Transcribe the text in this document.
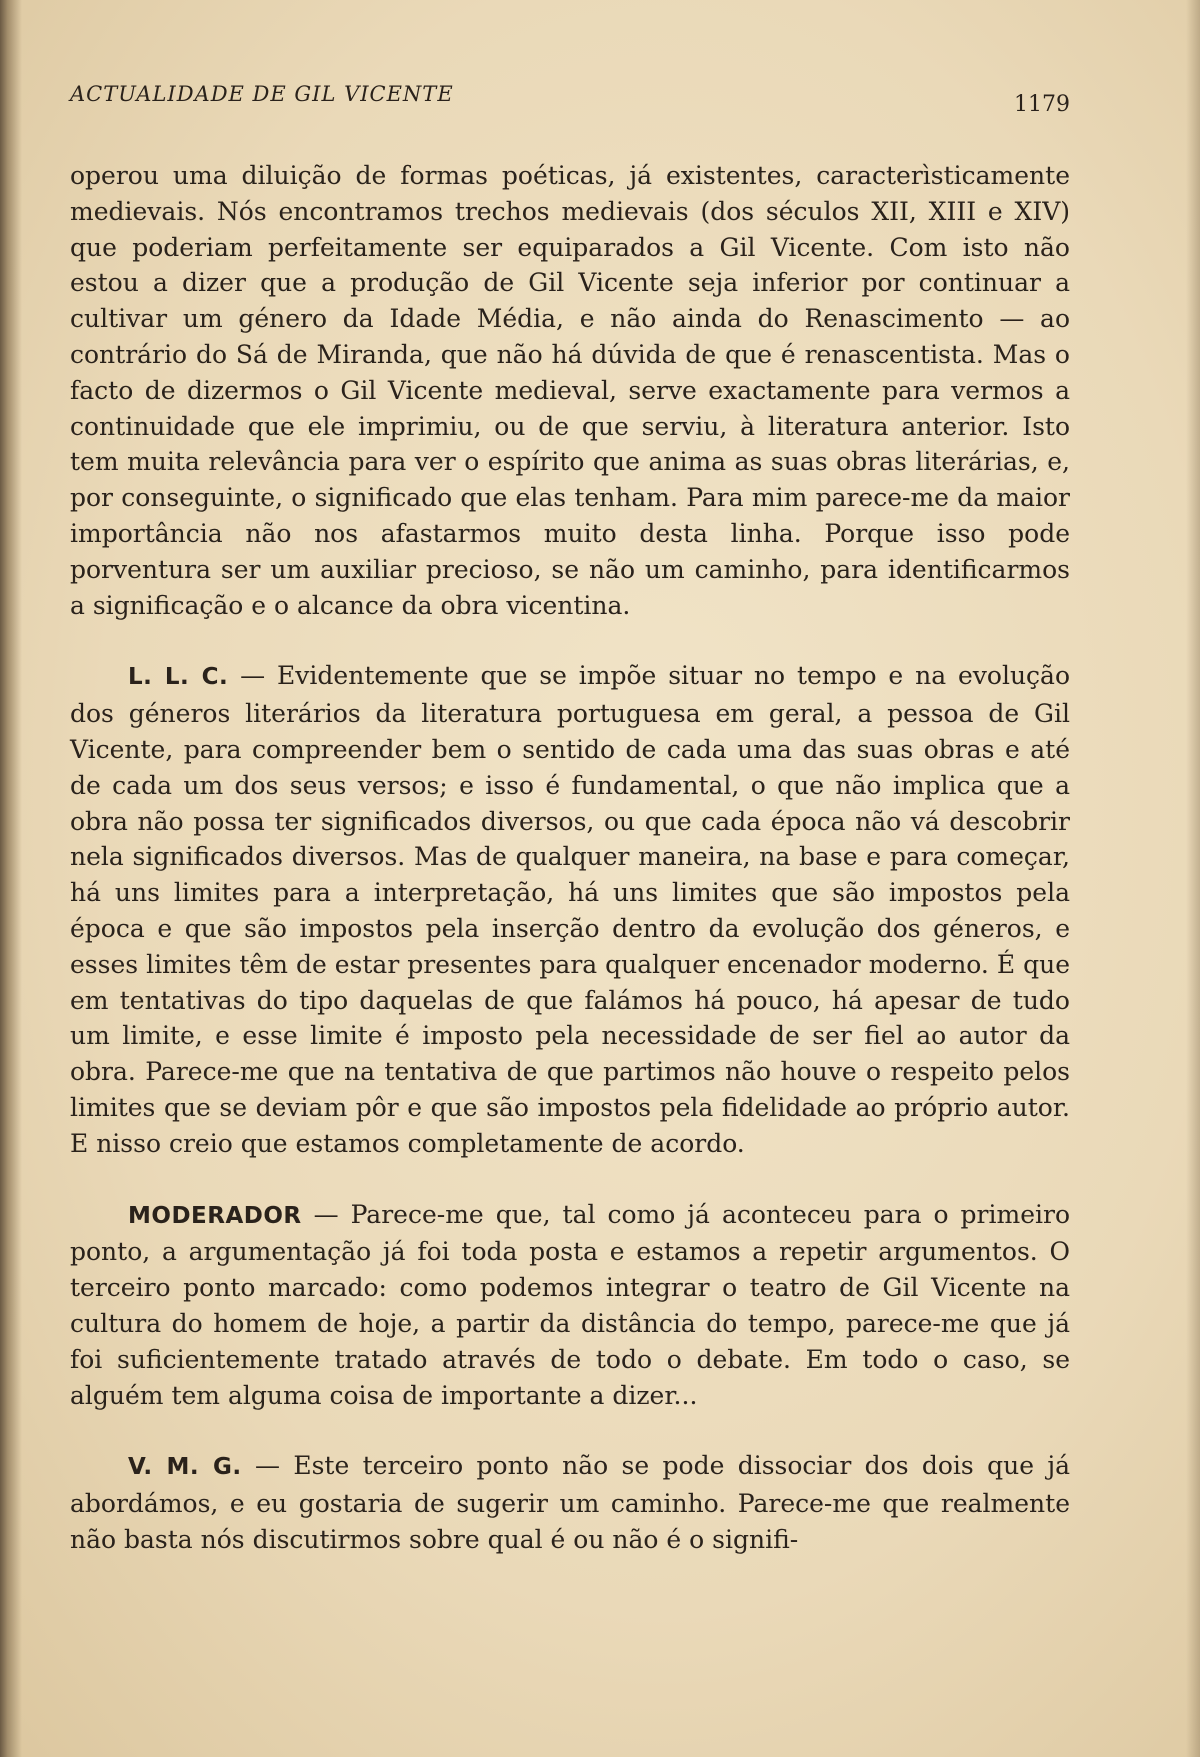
ACTUALIDADE DE GIL VICENTE	1179

operou uma diluição de formas poéticas, já existentes, caracterìsticamente medievais. Nós encontramos trechos medievais (dos séculos XII, XIII e XIV) que poderiam perfeitamente ser equiparados a Gil Vicente. Com isto não estou a dizer que a produção de Gil Vicente seja inferior por continuar a cultivar um género da Idade Média, e não ainda do Renascimento — ao contrário do Sá de Miranda, que não há dúvida de que é renascentista. Mas o facto de dizermos o Gil Vicente medieval, serve exactamente para vermos a continuidade que ele imprimiu, ou de que serviu, à literatura anterior. Isto tem muita relevância para ver o espírito que anima as suas obras literárias, e, por conseguinte, o significado que elas tenham. Para mim parece-me da maior importância não nos afastarmos muito desta linha. Porque isso pode porventura ser um auxiliar precioso, se não um caminho, para identificarmos a significação e o alcance da obra vicentina.

L. L. C. — Evidentemente que se impõe situar no tempo e na evolução dos géneros literários da literatura portuguesa em geral, a pessoa de Gil Vicente, para compreender bem o sentido de cada uma das suas obras e até de cada um dos seus versos; e isso é fundamental, o que não implica que a obra não possa ter significados diversos, ou que cada época não vá descobrir nela significados diversos. Mas de qualquer maneira, na base e para começar, há uns limites para a interpretação, há uns limites que são impostos pela época e que são impostos pela inserção dentro da evolução dos géneros, e esses limites têm de estar presentes para qualquer encenador moderno. É que em tentativas do tipo daquelas de que falámos há pouco, há apesar de tudo um limite, e esse limite é imposto pela necessidade de ser fiel ao autor da obra. Parece-me que na tentativa de que partimos não houve o respeito pelos limites que se deviam pôr e que são impostos pela fidelidade ao próprio autor. E nisso creio que estamos completamente de acordo.

MODERADOR — Parece-me que, tal como já aconteceu para o primeiro ponto, a argumentação já foi toda posta e estamos a repetir argumentos. O terceiro ponto marcado: como podemos integrar o teatro de Gil Vicente na cultura do homem de hoje, a partir da distância do tempo, parece-me que já foi suficientemente tratado através de todo o debate. Em todo o caso, se alguém tem alguma coisa de importante a dizer...

V. M. G. — Este terceiro ponto não se pode dissociar dos dois que já abordámos, e eu gostaria de sugerir um caminho. Parece-me que realmente não basta nós discutirmos sobre qual é ou não é o signifi-
